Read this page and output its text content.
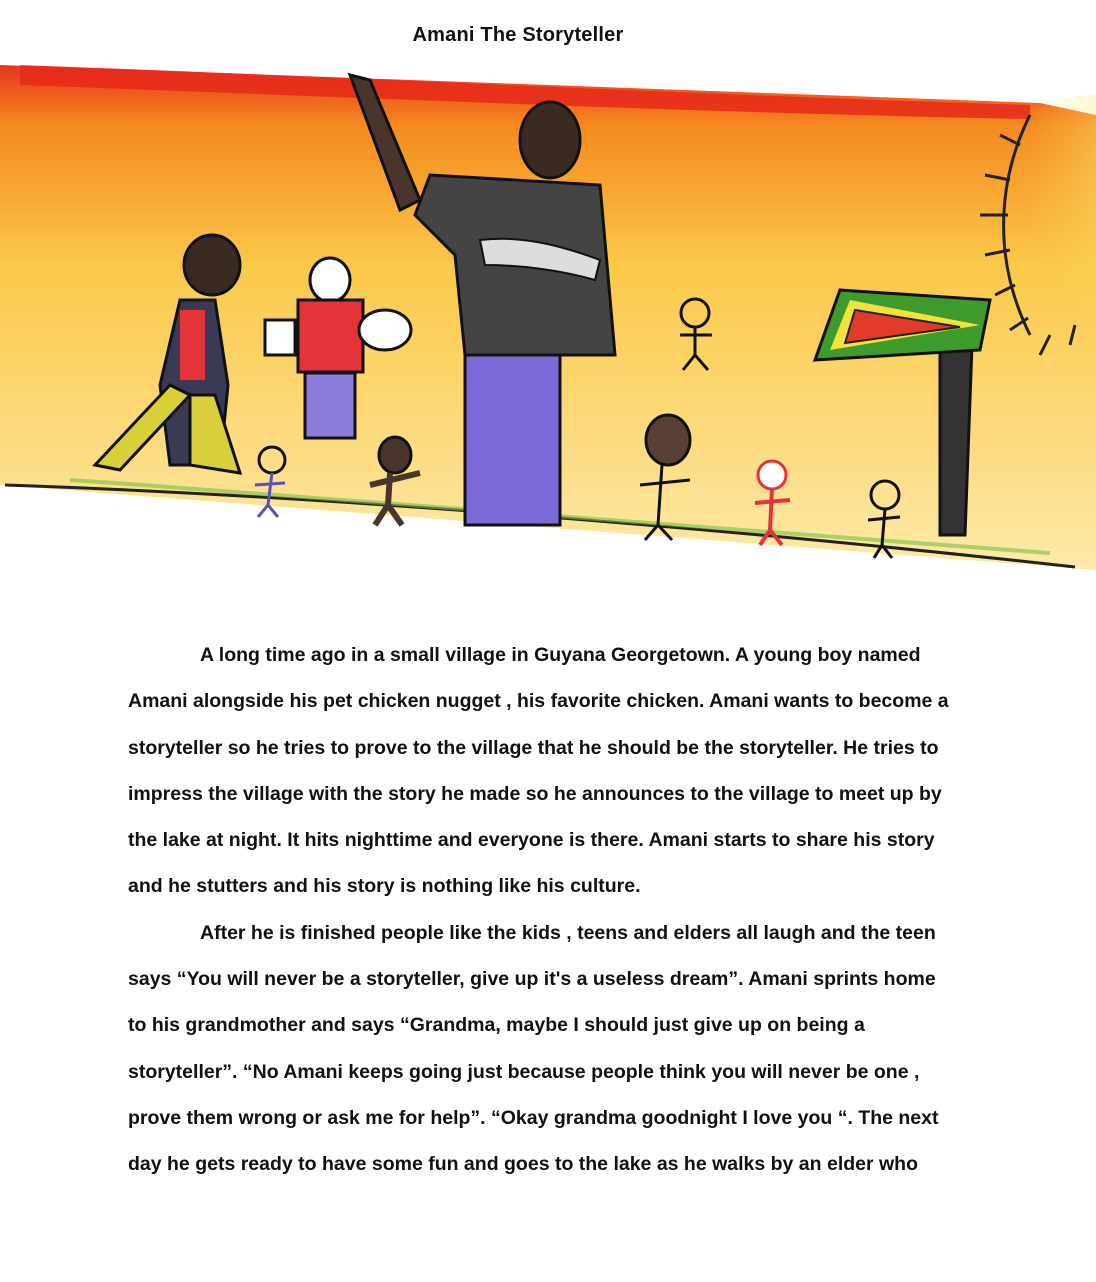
Amani The Storyteller

A long time ago in a small village in Guyana Georgetown. A young boy named
Amani alongside his pet chicken nugget , his favorite chicken. Amani wants to become a
storyteller so he tries to prove to the village that he should be the storyteller. He tries to
impress the village with the story he made so he announces to the village to meet up by
the lake at night. It hits nighttime and everyone is there. Amani starts to share his story
and he stutters and his story is nothing like his culture.

After he is finished people like the kids , teens and elders all laugh and the teen
says “You will never be a storyteller, give up it's a useless dream”. Amani sprints home
to his grandmother and says “Grandma, maybe I should just give up on being a
storyteller”. “No Amani keeps going just because people think you will never be one ,
prove them wrong or ask me for help”. “Okay grandma goodnight I love you “. The next
day he gets ready to have some fun and goes to the lake as he walks by an elder who
